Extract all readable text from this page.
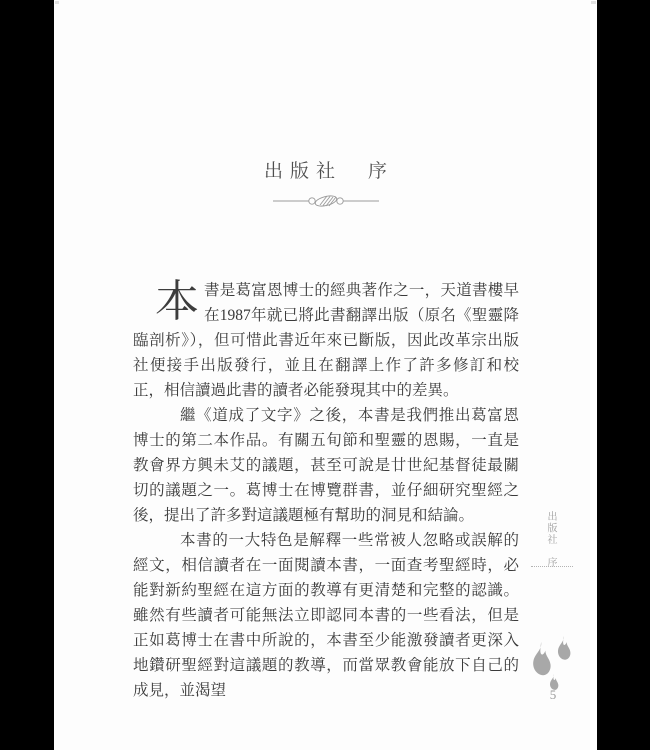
出版社　序

本書是葛富恩博士的經典著作之一，天道書樓早在1987年就已將此書翻譯出版（原名《聖靈降臨剖析》），但可惜此書近年來已斷版，因此改革宗出版社便接手出版發行，並且在翻譯上作了許多修訂和校正，相信讀過此書的讀者必能發現其中的差異。

繼《道成了文字》之後，本書是我們推出葛富恩博士的第二本作品。有關五旬節和聖靈的恩賜，一直是教會界方興未艾的議題，甚至可說是廿世紀基督徒最關切的議題之一。葛博士在博覽群書，並仔細研究聖經之後，提出了許多對這議題極有幫助的洞見和結論。

本書的一大特色是解釋一些常被人忽略或誤解的經文，相信讀者在一面閱讀本書，一面查考聖經時，必能對新約聖經在這方面的教導有更清楚和完整的認識。雖然有些讀者可能無法立即認同本書的一些看法，但是正如葛博士在書中所說的，本書至少能激發讀者更深入地鑽研聖經對這議題的教導，而當眾教會能放下自己的成見，並渴望

出版社　序
5
